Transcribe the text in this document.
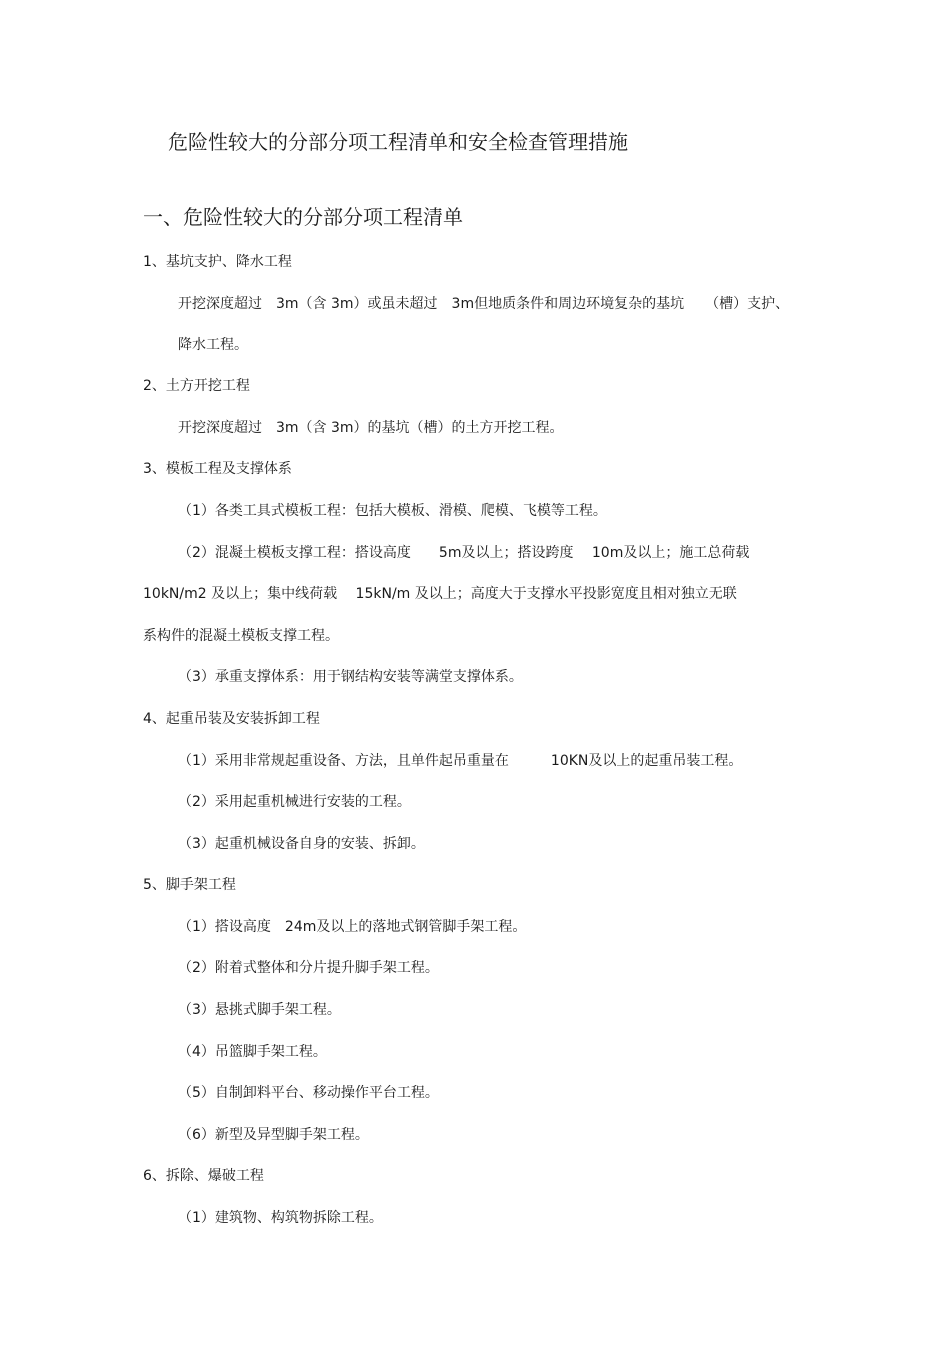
危险性较大的分部分项工程清单和安全检查管理措施
一、危险性较大的分部分项工程清单
1、基坑支护、降水工程
开挖深度超过　3m（含 3m）或虽未超过　3m但地质条件和周边环境复杂的基坑　　（槽）支护、
降水工程。
2、土方开挖工程
开挖深度超过　3m（含 3m）的基坑（槽）的土方开挖工程。
3、模板工程及支撑体系
（1）各类工具式模板工程：包括大模板、滑模、爬模、飞模等工程。
（2）混凝土模板支撑工程：搭设高度　　5m及以上；搭设跨度　 10m及以上；施工总荷载
10kN/m2 及以上；集中线荷载　 15kN/m 及以上；高度大于支撑水平投影宽度且相对独立无联
系构件的混凝土模板支撑工程。
（3）承重支撑体系：用于钢结构安装等满堂支撑体系。
4、起重吊装及安装拆卸工程
（1）采用非常规起重设备、方法，且单件起吊重量在　　　10KN及以上的起重吊装工程。
（2）采用起重机械进行安装的工程。
（3）起重机械设备自身的安装、拆卸。
5、脚手架工程
（1）搭设高度　24m及以上的落地式钢管脚手架工程。
（2）附着式整体和分片提升脚手架工程。
（3）悬挑式脚手架工程。
（4）吊篮脚手架工程。
（5）自制卸料平台、移动操作平台工程。
（6）新型及异型脚手架工程。
6、拆除、爆破工程
（1）建筑物、构筑物拆除工程。
